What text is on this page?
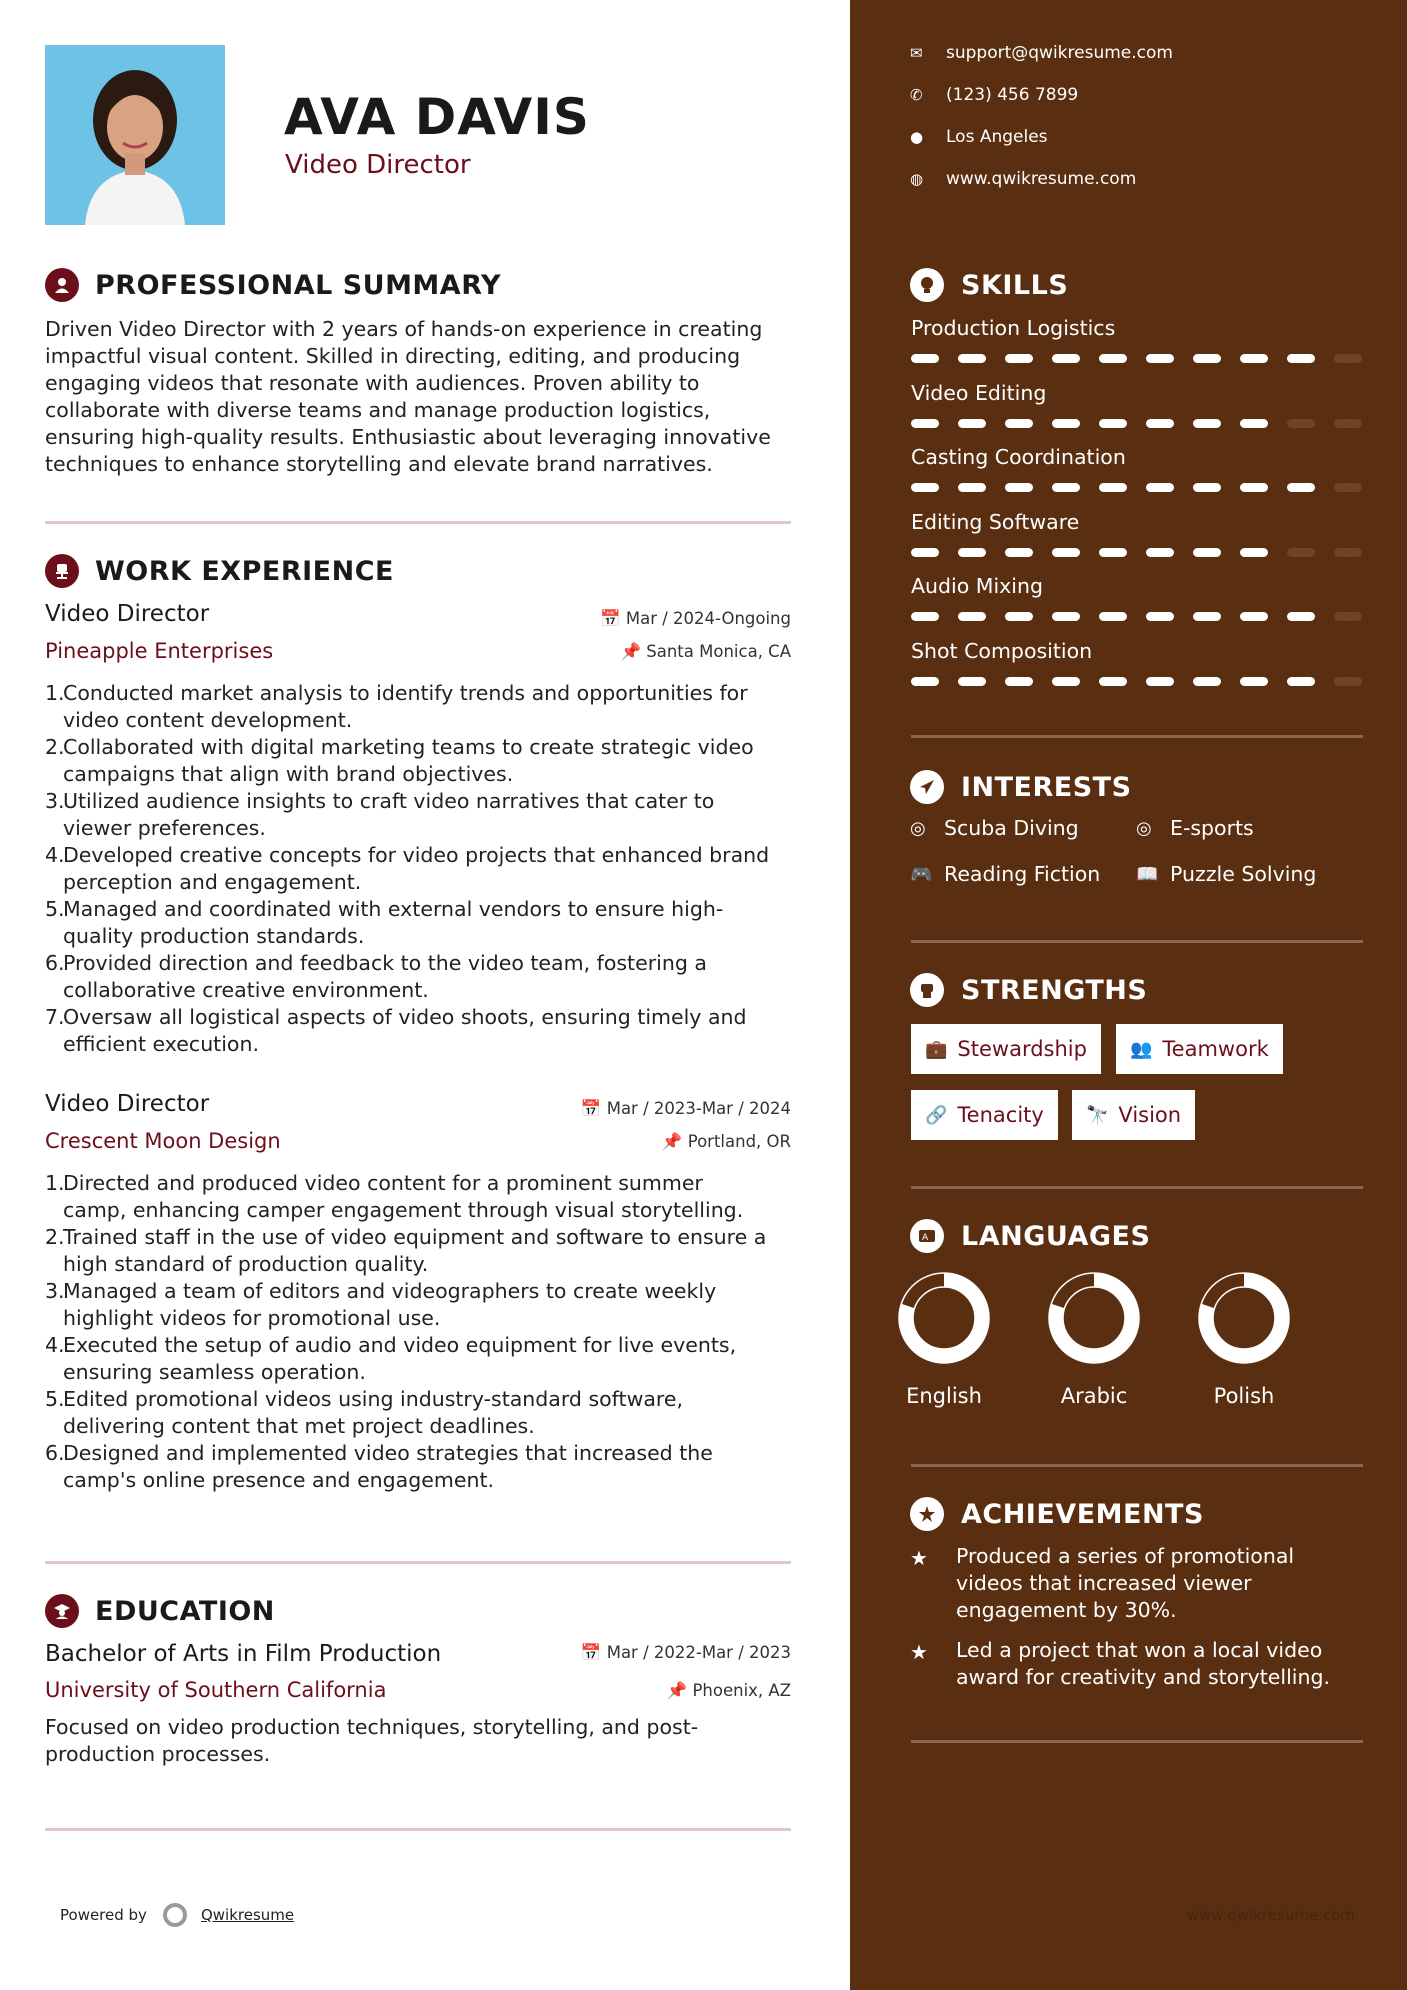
AVA DAVIS
Video Director
PROFESSIONAL SUMMARY
Driven Video Director with 2 years of hands-on experience in creating
impactful visual content. Skilled in directing, editing, and producing
engaging videos that resonate with audiences. Proven ability to
collaborate with diverse teams and manage production logistics,
ensuring high-quality results. Enthusiastic about leveraging innovative
techniques to enhance storytelling and elevate brand narratives.
WORK EXPERIENCE
Video Director	📅 Mar / 2024-Ongoing
Pineapple Enterprises	📌 Santa Monica, CA
1.
Conducted market analysis to identify trends and opportunities for
video content development.
2.
Collaborated with digital marketing teams to create strategic video
campaigns that align with brand objectives.
3.
Utilized audience insights to craft video narratives that cater to
viewer preferences.
4.
Developed creative concepts for video projects that enhanced brand
perception and engagement.
5.
Managed and coordinated with external vendors to ensure high-
quality production standards.
6.
Provided direction and feedback to the video team, fostering a
collaborative creative environment.
7.
Oversaw all logistical aspects of video shoots, ensuring timely and
efficient execution.
Video Director	📅 Mar / 2023-Mar / 2024
Crescent Moon Design	📌 Portland, OR
1.
Directed and produced video content for a prominent summer
camp, enhancing camper engagement through visual storytelling.
2.
Trained staff in the use of video equipment and software to ensure a
high standard of production quality.
3.
Managed a team of editors and videographers to create weekly
highlight videos for promotional use.
4.
Executed the setup of audio and video equipment for live events,
ensuring seamless operation.
5.
Edited promotional videos using industry-standard software,
delivering content that met project deadlines.
6.
Designed and implemented video strategies that increased the
camp's online presence and engagement.
EDUCATION
Bachelor of Arts in Film Production	📅 Mar / 2022-Mar / 2023
University of Southern California	📌 Phoenix, AZ
Focused on video production techniques, storytelling, and post-
production processes.
Powered by	Qwikresume
✉	support@qwikresume.com
✆	(123) 456 7899
●	Los Angeles
◍	www.qwikresume.com
SKILLS
Production Logistics
Video Editing
Casting Coordination
Editing Software
Audio Mixing
Shot Composition
INTERESTS
◎ Scuba Diving	◎ E-sports
🎮 Reading Fiction 📖 Puzzle Solving
STRENGTHS
💼 Stewardship 👥 Teamwork
🔗 Tenacity 🔭 Vision
A LANGUAGES
English	Arabic	Polish
ACHIEVEMENTS
★	Produced a series of promotional
videos that increased viewer
engagement by 30%.
★	Led a project that won a local video
award for creativity and storytelling.
www.qwikresume.com
